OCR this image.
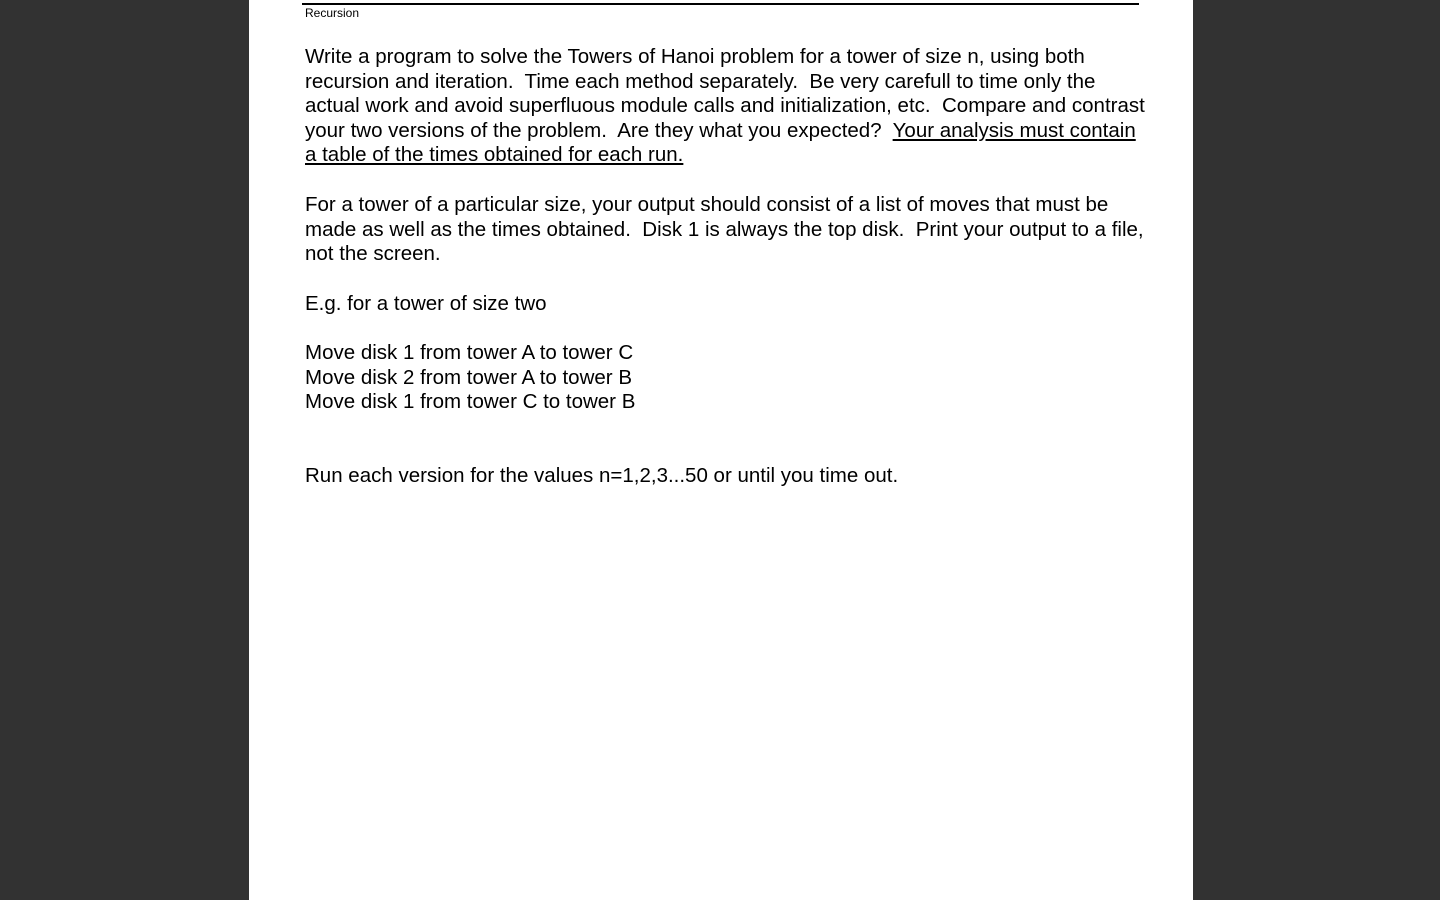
Recursion

Write a program to solve the Towers of Hanoi problem for a tower of size n, using both recursion and iteration.  Time each method separately.  Be very carefull to time only the actual work and avoid superfluous module calls and initialization, etc.  Compare and contrast your two versions of the problem.  Are they what you expected?  Your analysis must contain a table of the times obtained for each run.

For a tower of a particular size, your output should consist of a list of moves that must be made as well as the times obtained.  Disk 1 is always the top disk.  Print your output to a file, not the screen.

E.g. for a tower of size two

Move disk 1 from tower A to tower C
Move disk 2 from tower A to tower B
Move disk 1 from tower C to tower B

Run each version for the values n=1,2,3...50 or until you time out.
